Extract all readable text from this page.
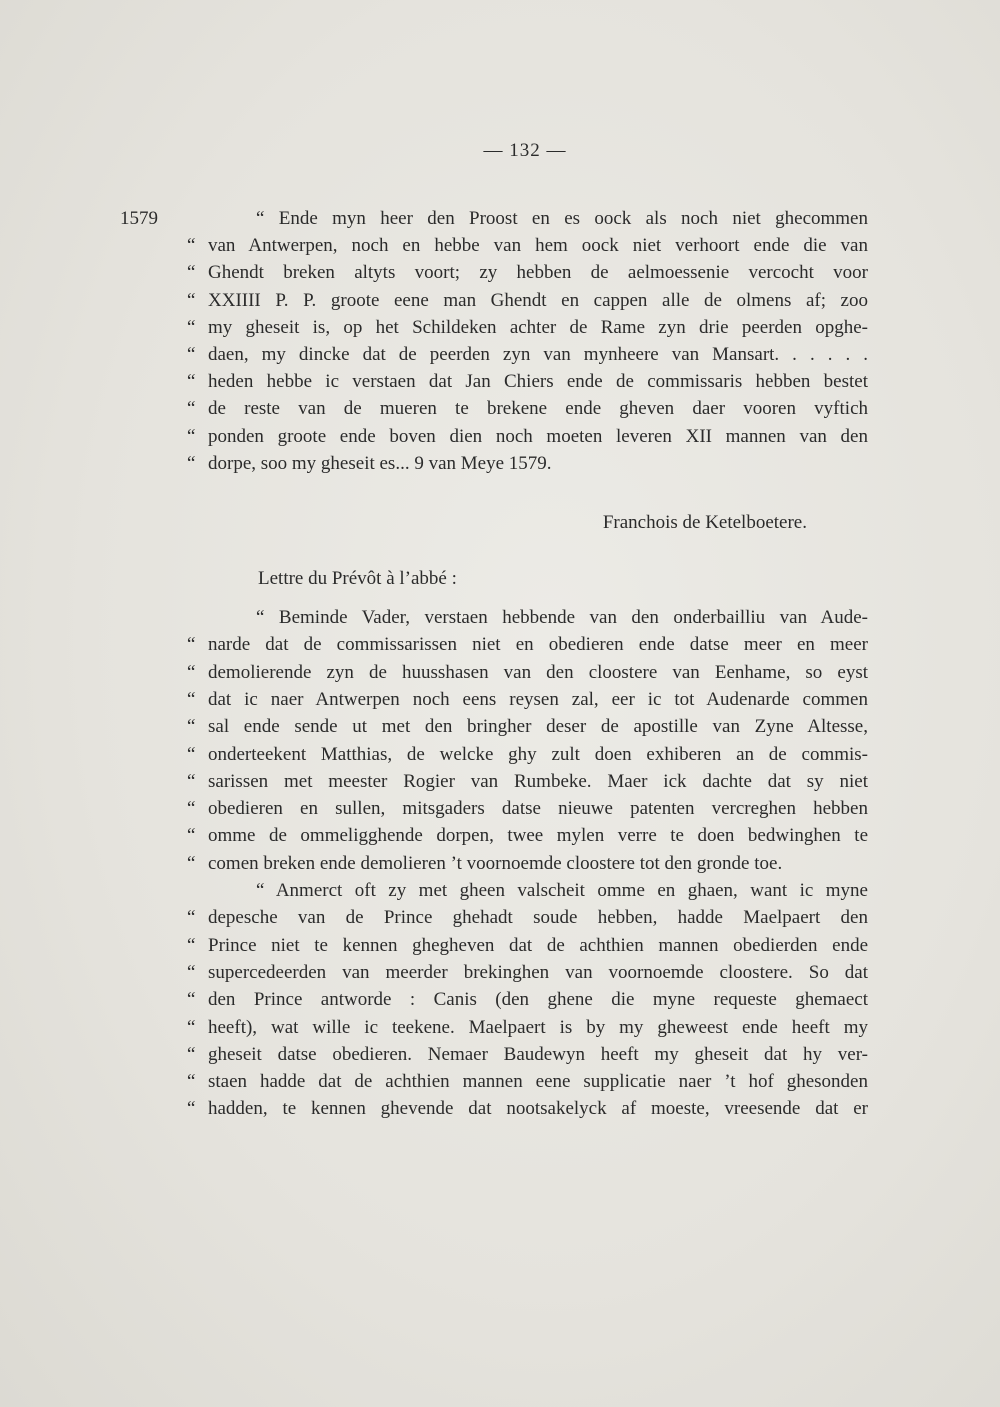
— 132 —
1579	“ Ende myn heer den Proost en es oock als noch niet ghecommen
“ van Antwerpen, noch en hebbe van hem oock niet verhoort ende die van
“ Ghendt breken altyts voort; zy hebben de aelmoessenie vercocht voor
“ XXIIII P. P. groote eene man Ghendt en cappen alle de olmens af; zoo
“ my gheseit is, op het Schildeken achter de Rame zyn drie peerden opghe-
“ daen, my dincke dat de peerden zyn van mynheere van Mansart. . . . . .
“ heden hebbe ic verstaen dat Jan Chiers ende de commissaris hebben bestet
“ de reste van de mueren te brekene ende gheven daer vooren vyftich
“ ponden groote ende boven dien noch moeten leveren XII mannen van den
“ dorpe, soo my gheseit es... 9 van Meye 1579.
Franchois de Ketelboetere.
Lettre du Prévôt à l’abbé :
“ Beminde Vader, verstaen hebbende van den onderbailliu van Aude-
“ narde dat de commissarissen niet en obedieren ende datse meer en meer
“ demolierende zyn de huusshasen van den cloostere van Eenhame, so eyst
“ dat ic naer Antwerpen noch eens reysen zal, eer ic tot Audenarde commen
“ sal ende sende ut met den bringher deser de apostille van Zyne Altesse,
“ onderteekent Matthias, de welcke ghy zult doen exhiberen an de commis-
“ sarissen met meester Rogier van Rumbeke. Maer ick dachte dat sy niet
“ obedieren en sullen, mitsgaders datse nieuwe patenten vercreghen hebben
“ omme de ommeligghende dorpen, twee mylen verre te doen bedwinghen te
“ comen breken ende demolieren ’t voornoemde cloostere tot den gronde toe.
“ Anmerct oft zy met gheen valscheit omme en ghaen, want ic myne
“ depesche van de Prince ghehadt soude hebben, hadde Maelpaert den
“ Prince niet te kennen ghegheven dat de achthien mannen obedierden ende
“ supercedeerden van meerder brekinghen van voornoemde cloostere. So dat
“ den Prince antworde : Canis (den ghene die myne requeste ghemaect
“ heeft), wat wille ic teekene. Maelpaert is by my gheweest ende heeft my
“ gheseit datse obedieren. Nemaer Baudewyn heeft my gheseit dat hy ver-
“ staen hadde dat de achthien mannen eene supplicatie naer ’t hof ghesonden
“ hadden, te kennen ghevende dat nootsakelyck af moeste, vreesende dat er
